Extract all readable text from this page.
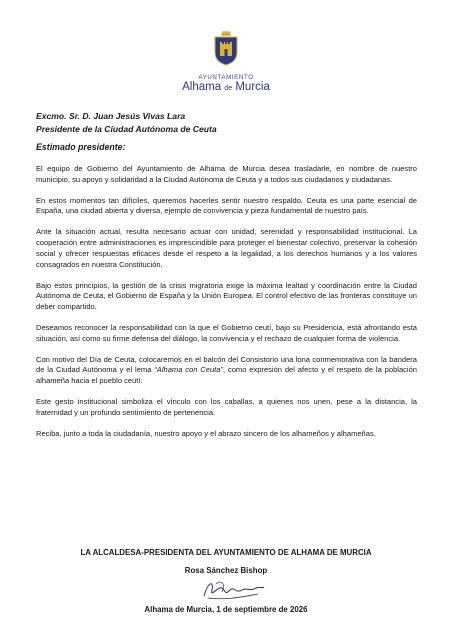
AYUNTAMIENTO
Alhama de Murcia
Excmo. Sr. D. Juan Jesús Vivas Lara
Presidente de la Ciudad Autónoma de Ceuta
Estimado presidente:

El equipo de Gobierno del Ayuntamiento de Alhama de Murcia desea trasladarle, en nombre de nuestro municipio, su apoyo y solidaridad a la Ciudad Autónoma de Ceuta y a todos sus ciudadanos y ciudadanas.

En estos momentos tan difíciles, queremos hacerles sentir nuestro respaldo. Ceuta es una parte esencial de España, una ciudad abierta y diversa, ejemplo de convivencia y pieza fundamental de nuestro país.

Ante la situación actual, resulta necesario actuar con unidad, serenidad y responsabilidad institucional. La cooperación entre administraciones es imprescindible para proteger el bienestar colectivo, preservar la cohesión social y ofrecer respuestas eficaces desde el respeto a la legalidad, a los derechos humanos y a los valores consagrados en nuestra Constitución.

Bajo estos principios, la gestión de la crisis migratoria exige la máxima lealtad y coordinación entre la Ciudad Autónoma de Ceuta, el Gobierno de España y la Unión Europea. El control efectivo de las fronteras constituye un deber compartido.

Deseamos reconocer la responsabilidad con la que el Gobierno ceutí, bajo su Presidencia, está afrontando esta situación, así como su firme defensa del diálogo, la convivencia y el rechazo de cualquier forma de violencia.

Con motivo del Día de Ceuta, colocaremos en el balcón del Consistorio una lona conmemorativa con la bandera de la Ciudad Autónoma y el lema “Alhama con Ceuta”, como expresión del afecto y el respeto de la población alhameña hacia el pueblo ceutí.

Este gesto institucional simboliza el vínculo con los caballas, a quienes nos unen, pese a la distancia, la fraternidad y un profundo sentimiento de pertenencia.

Reciba, junto a toda la ciudadanía, nuestro apoyo y el abrazo sincero de los alhameños y alhameñas.

LA ALCALDESA-PRESIDENTA DEL AYUNTAMIENTO DE ALHAMA DE MURCIA
Rosa Sánchez Bishop
Alhama de Murcia, 1 de septiembre de 2026
